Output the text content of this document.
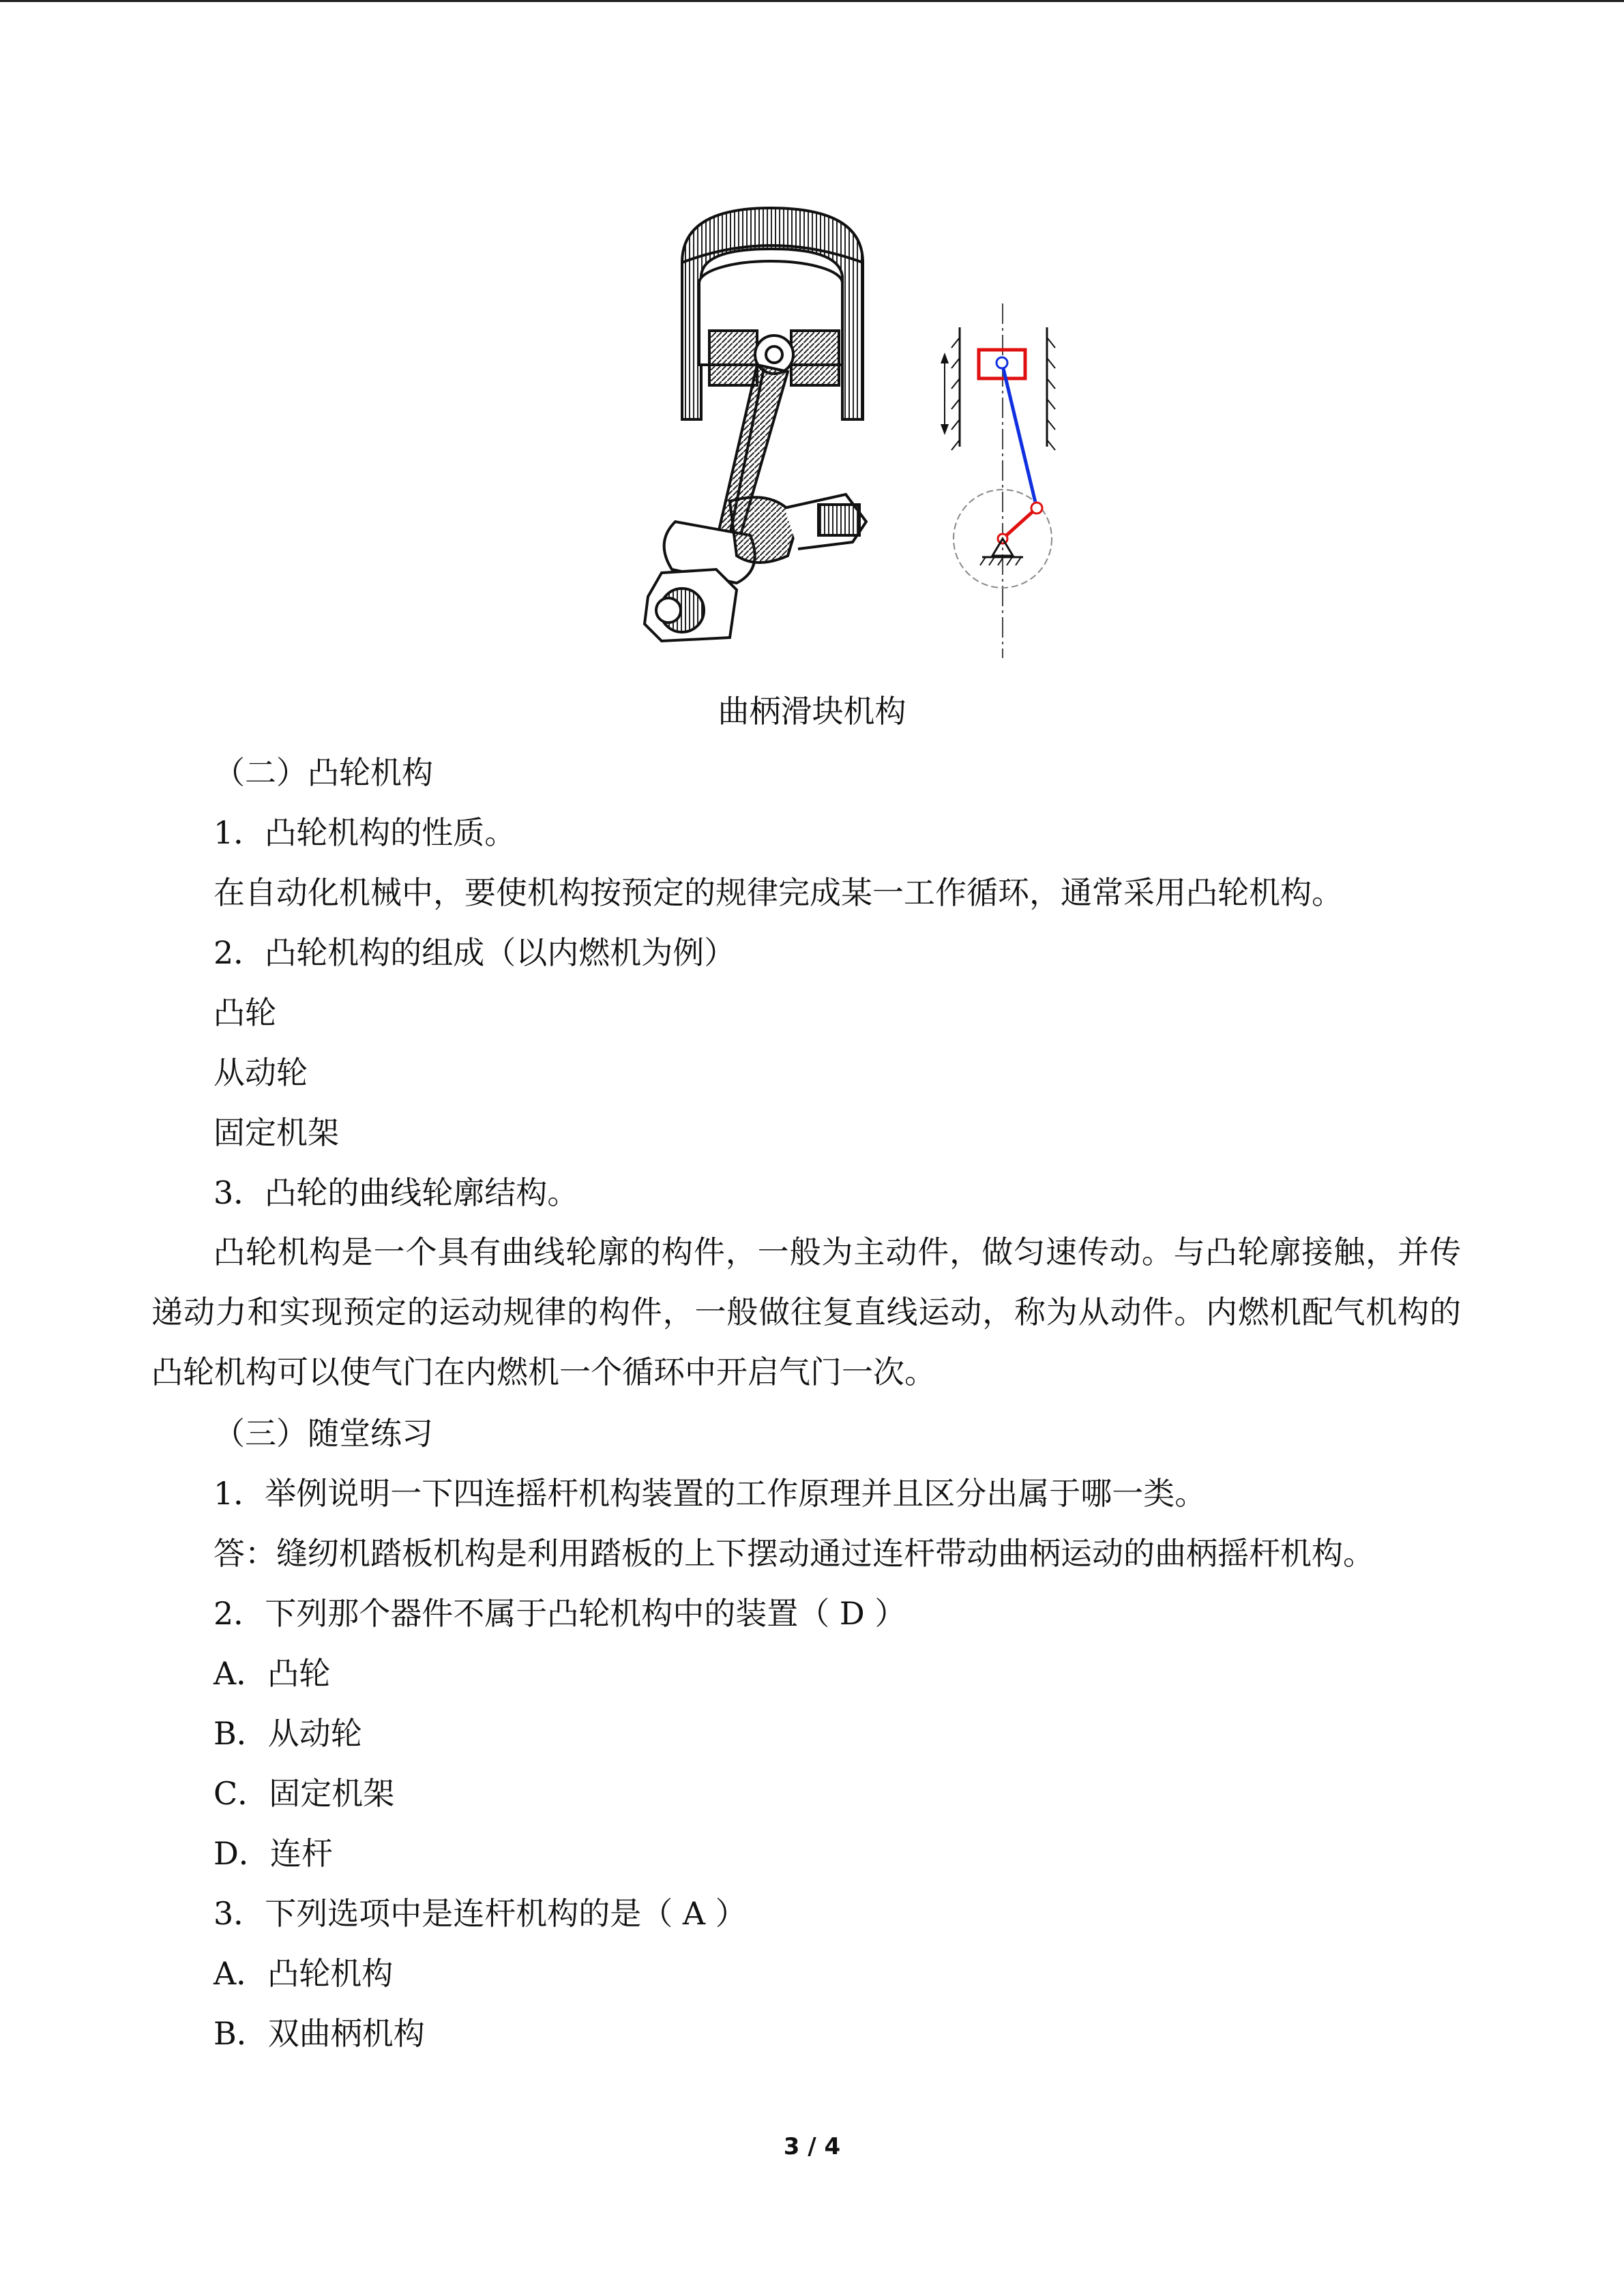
曲柄滑块机构
（二）凸轮机构
1．凸轮机构的性质。
在自动化机械中，要使机构按预定的规律完成某一工作循环，通常采用凸轮机构。
2．凸轮机构的组成（以内燃机为例）
凸轮
从动轮
固定机架
3．凸轮的曲线轮廓结构。
凸轮机构是一个具有曲线轮廓的构件，一般为主动件，做匀速传动。与凸轮廓接触，并传递动力和实现预定的运动规律的构件，一般做往复直线运动，称为从动件。内燃机配气机构的凸轮机构可以使气门在内燃机一个循环中开启气门一次。
（三）随堂练习
1．举例说明一下四连摇杆机构装置的工作原理并且区分出属于哪一类。
答：缝纫机踏板机构是利用踏板的上下摆动通过连杆带动曲柄运动的曲柄摇杆机构。
2．下列那个器件不属于凸轮机构中的装置（ D ）
A．凸轮
B．从动轮
C．固定机架
D．连杆
3．下列选项中是连杆机构的是（ A ）
A．凸轮机构
B．双曲柄机构
3 / 4
